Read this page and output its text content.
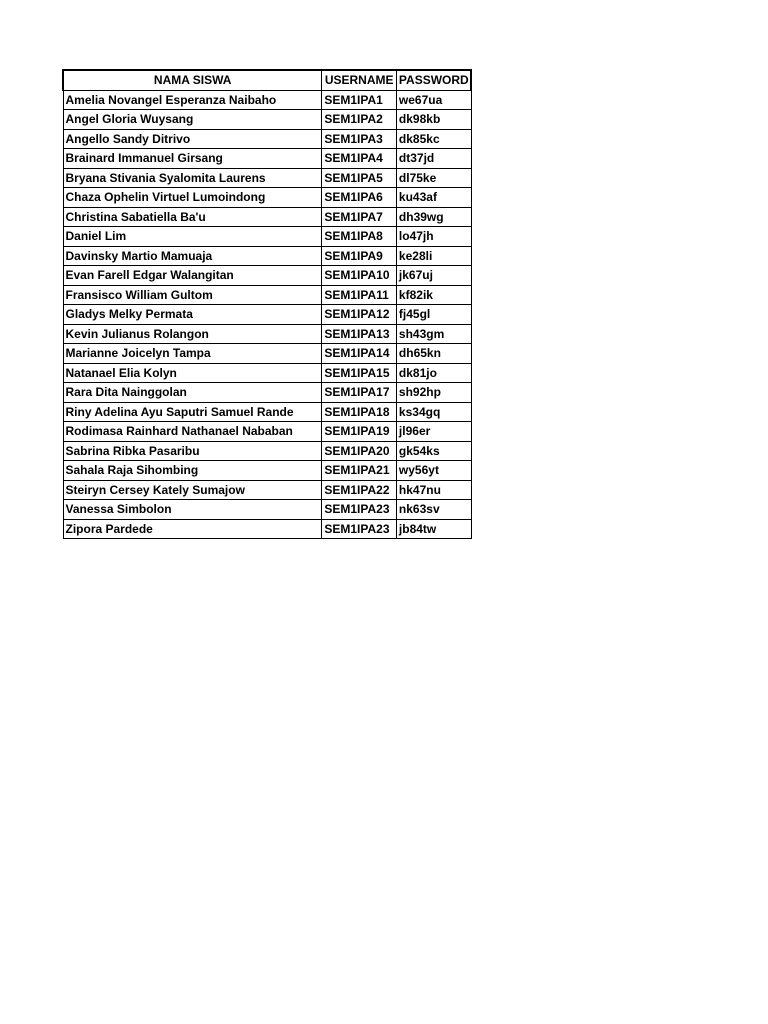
NAMA SISWA	USERNAME	PASSWORD
Amelia Novangel Esperanza Naibaho	SEM1IPA1	we67ua
Angel Gloria Wuysang	SEM1IPA2	dk98kb
Angello Sandy Ditrivo	SEM1IPA3	dk85kc
Brainard Immanuel Girsang	SEM1IPA4	dt37jd
Bryana Stivania Syalomita Laurens	SEM1IPA5	dl75ke
Chaza Ophelin Virtuel Lumoindong	SEM1IPA6	ku43af
Christina Sabatiella Ba'u	SEM1IPA7	dh39wg
Daniel Lim	SEM1IPA8	lo47jh
Davinsky Martio Mamuaja	SEM1IPA9	ke28li
Evan Farell Edgar Walangitan	SEM1IPA10	jk67uj
Fransisco William Gultom	SEM1IPA11	kf82ik
Gladys Melky Permata	SEM1IPA12	fj45gl
Kevin Julianus Rolangon	SEM1IPA13	sh43gm
Marianne Joicelyn Tampa	SEM1IPA14	dh65kn
Natanael Elia Kolyn	SEM1IPA15	dk81jo
Rara Dita Nainggolan	SEM1IPA17	sh92hp
Riny Adelina Ayu Saputri Samuel Rande	SEM1IPA18	ks34gq
Rodimasa Rainhard Nathanael Nababan	SEM1IPA19	jl96er
Sabrina Ribka Pasaribu	SEM1IPA20	gk54ks
Sahala Raja Sihombing	SEM1IPA21	wy56yt
Steiryn Cersey Kately Sumajow	SEM1IPA22	hk47nu
Vanessa Simbolon	SEM1IPA23	nk63sv
Zipora Pardede	SEM1IPA23	jb84tw
